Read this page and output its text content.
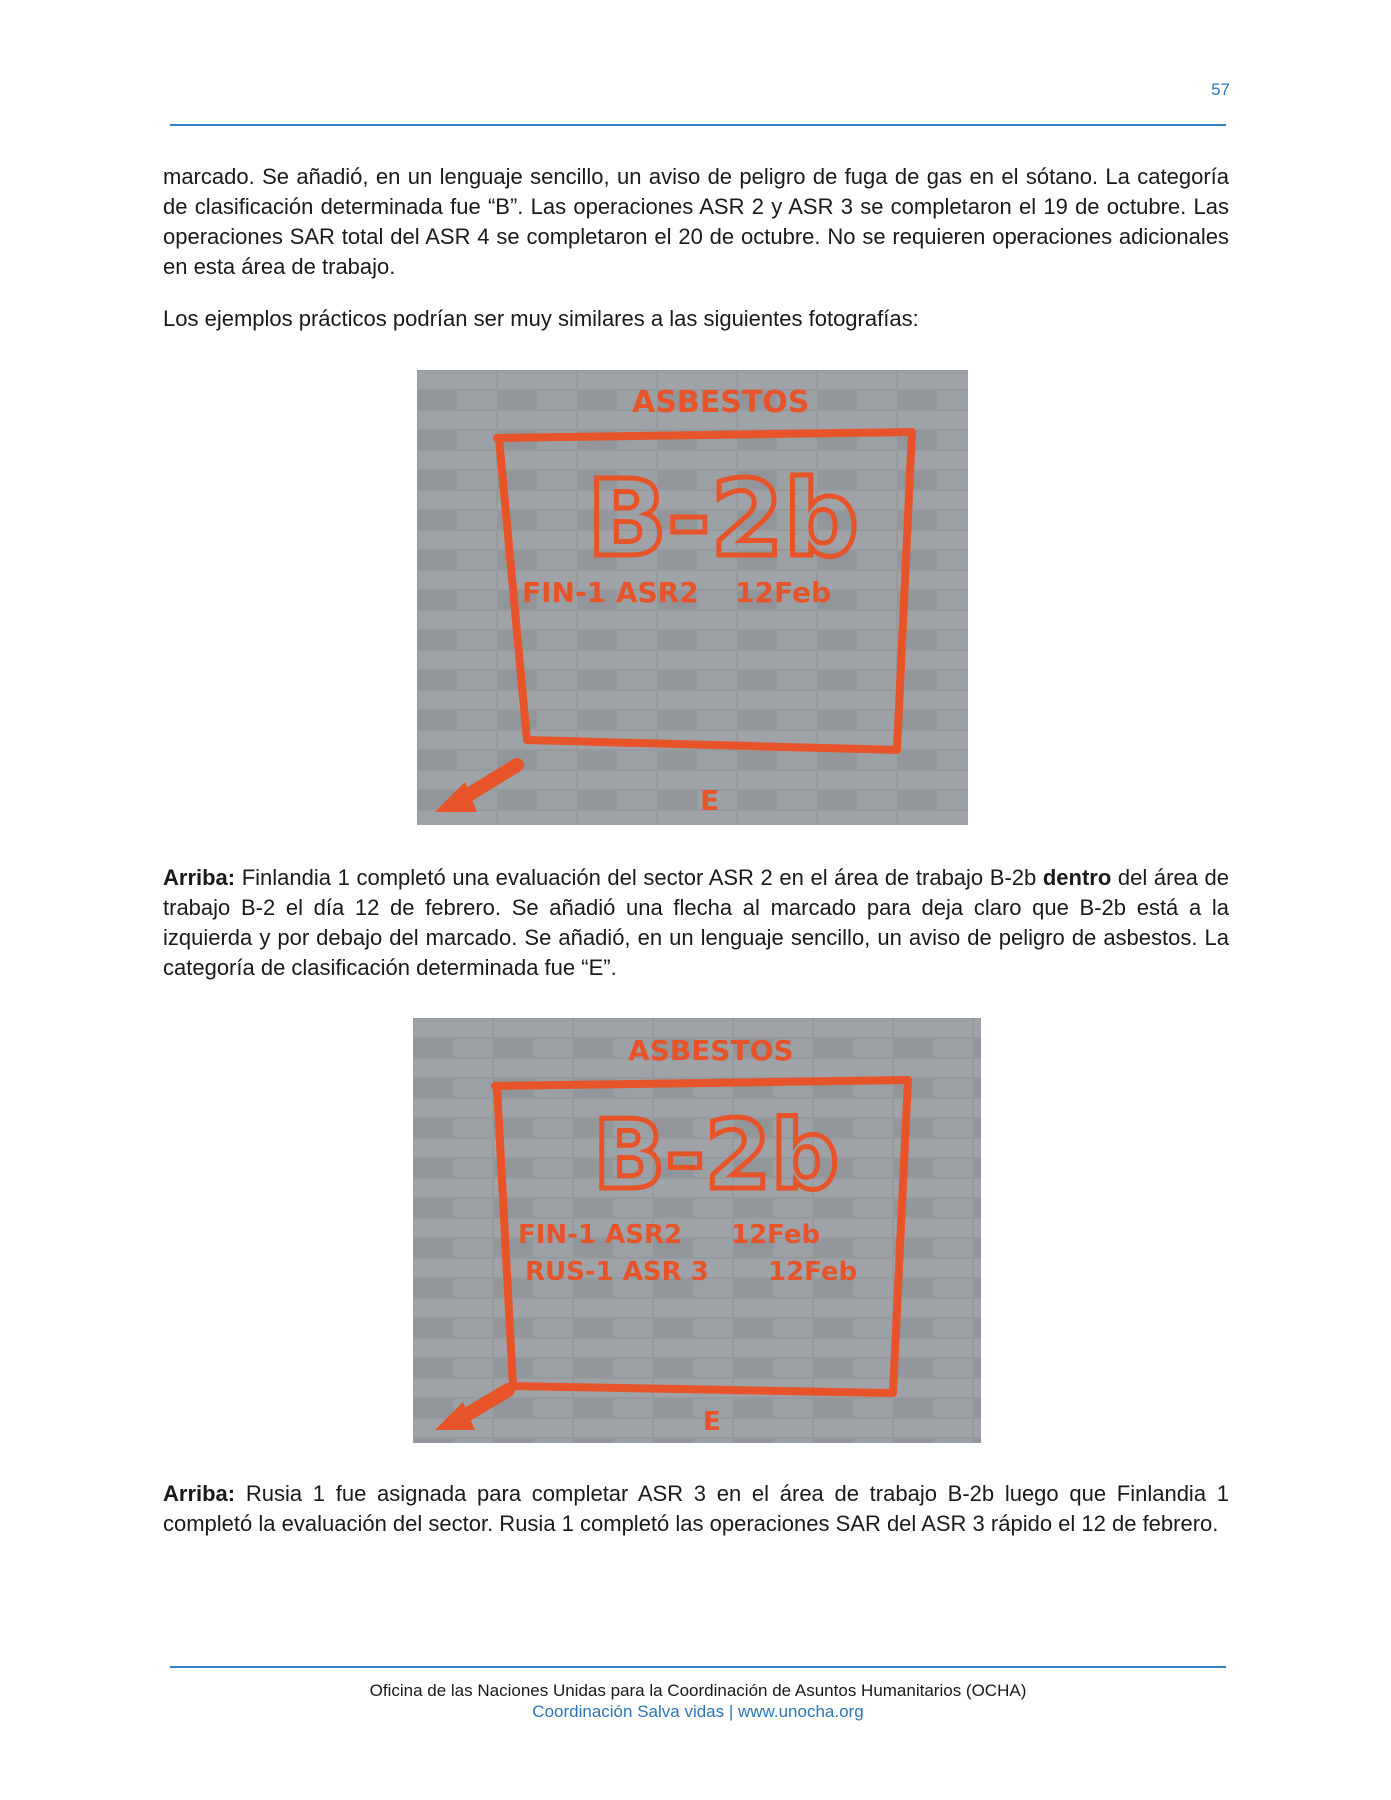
57
marcado. Se añadió, en un lenguaje sencillo, un aviso de peligro de fuga de gas en el sótano. La categoría de clasificación determinada fue “B”. Las operaciones ASR 2 y ASR 3 se completaron el 19 de octubre. Las operaciones SAR total del ASR 4 se completaron el 20 de octubre. No se requieren operaciones adicionales en esta área de trabajo.
Los ejemplos prácticos podrían ser muy similares a las siguientes fotografías:
ASBESTOS
B-2b
FIN-1 ASR2 12Feb
E
Arriba: Finlandia 1 completó una evaluación del sector ASR 2 en el área de trabajo B-2b dentro del área de trabajo B-2 el día 12 de febrero. Se añadió una flecha al marcado para deja claro que B-2b está a la izquierda y por debajo del marcado. Se añadió, en un lenguaje sencillo, un aviso de peligro de asbestos. La categoría de clasificación determinada fue “E”.
ASBESTOS
B-2b
FIN-1 ASR2 12Feb
RUS-1 ASR 3 12Feb
E
Arriba: Rusia 1 fue asignada para completar ASR 3 en el área de trabajo B-2b luego que Finlandia 1 completó la evaluación del sector. Rusia 1 completó las operaciones SAR del ASR 3 rápido el 12 de febrero.
Oficina de las Naciones Unidas para la Coordinación de Asuntos Humanitarios (OCHA)
Coordinación Salva vidas | www.unocha.org
